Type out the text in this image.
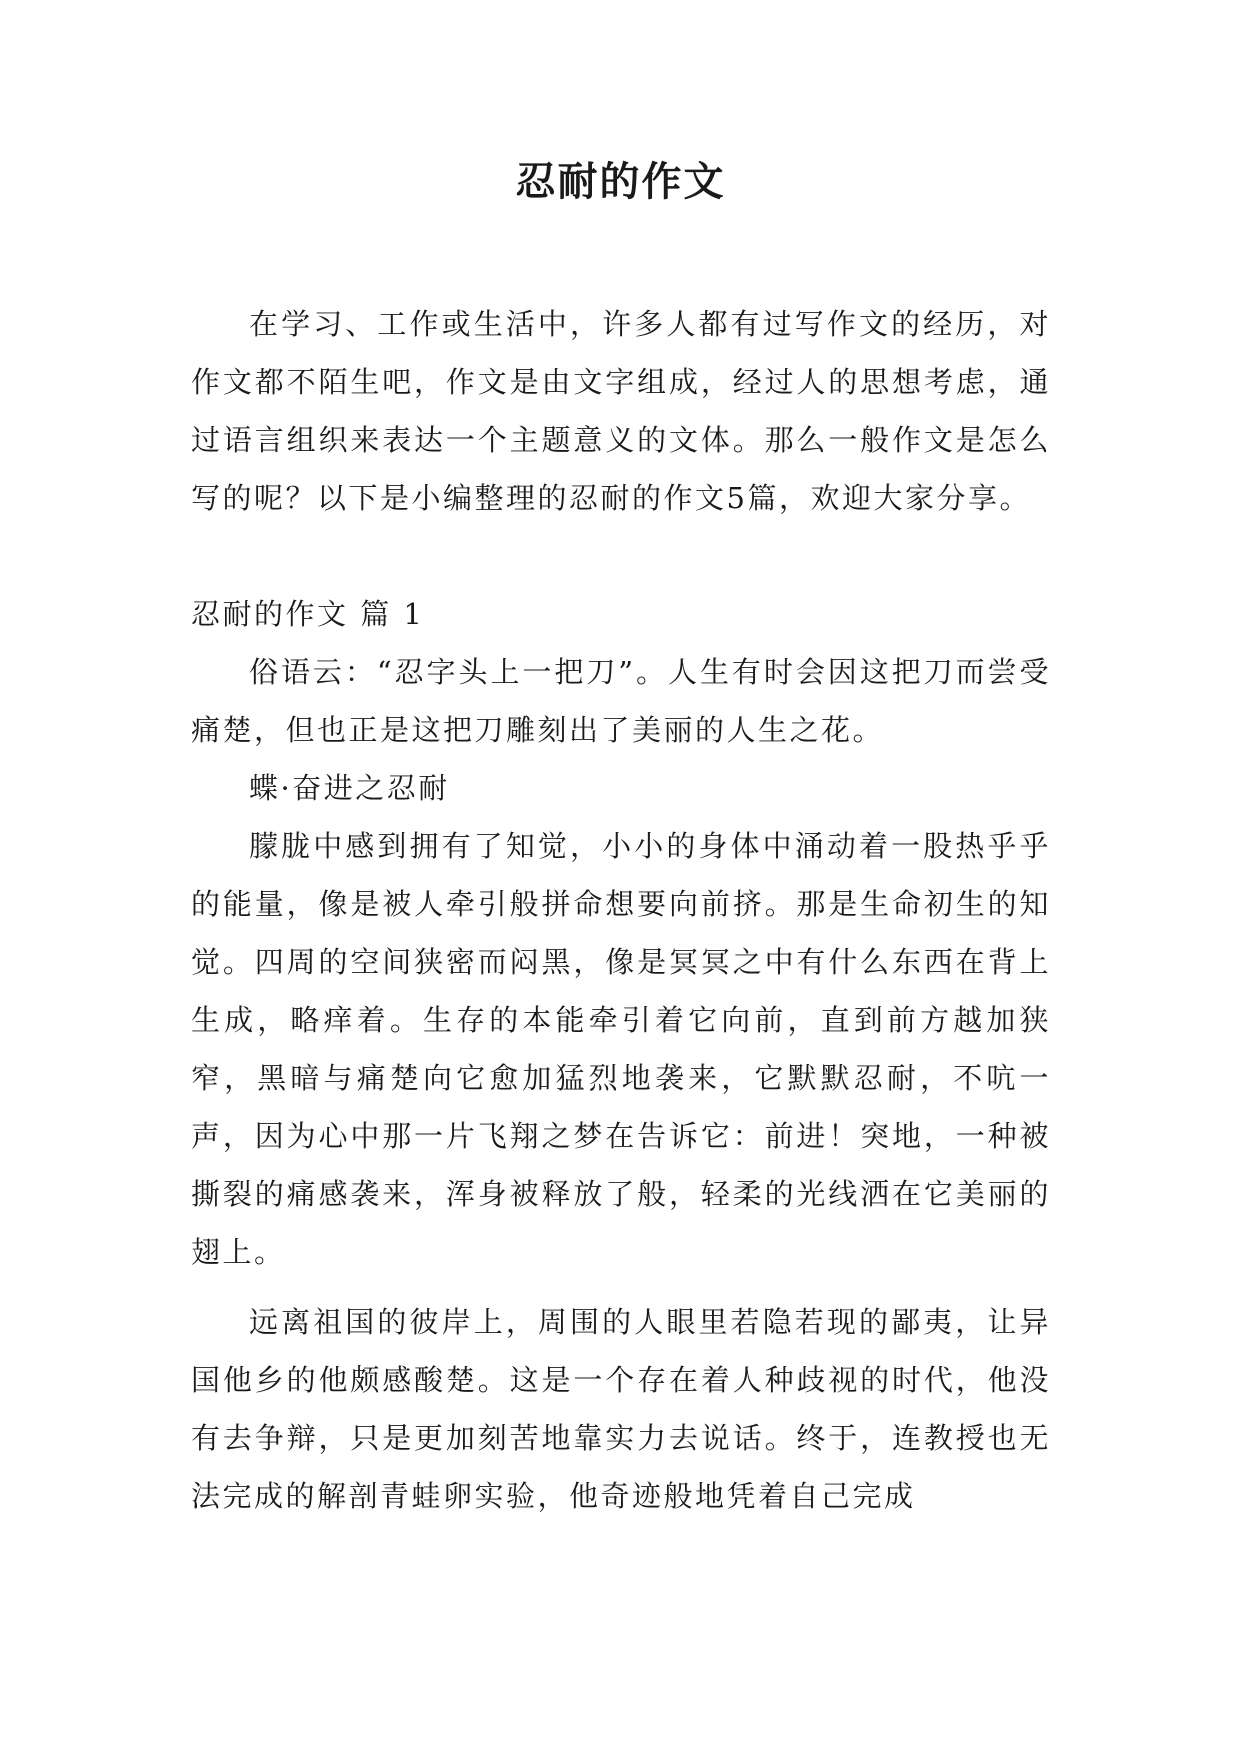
忍耐的作文

在学习、工作或生活中，许多人都有过写作文的经历，对作文都不陌生吧，作文是由文字组成，经过人的思想考虑，通过语言组织来表达一个主题意义的文体。那么一般作文是怎么写的呢？以下是小编整理的忍耐的作文5篇，欢迎大家分享。

忍耐的作文 篇 1

俗语云：“忍字头上一把刀”。人生有时会因这把刀而尝受痛楚，但也正是这把刀雕刻出了美丽的人生之花。

蝶·奋进之忍耐

朦胧中感到拥有了知觉，小小的身体中涌动着一股热乎乎的能量，像是被人牵引般拼命想要向前挤。那是生命初生的知觉。四周的空间狭密而闷黑，像是冥冥之中有什么东西在背上生成，略痒着。生存的本能牵引着它向前，直到前方越加狭窄，黑暗与痛楚向它愈加猛烈地袭来，它默默忍耐，不吭一声，因为心中那一片飞翔之梦在告诉它：前进！突地，一种被撕裂的痛感袭来，浑身被释放了般，轻柔的光线洒在它美丽的翅上。

远离祖国的彼岸上，周围的人眼里若隐若现的鄙夷，让异国他乡的他颇感酸楚。这是一个存在着人种歧视的时代，他没有去争辩，只是更加刻苦地靠实力去说话。终于，连教授也无法完成的解剖青蛙卵实验，他奇迹般地凭着自己完成
